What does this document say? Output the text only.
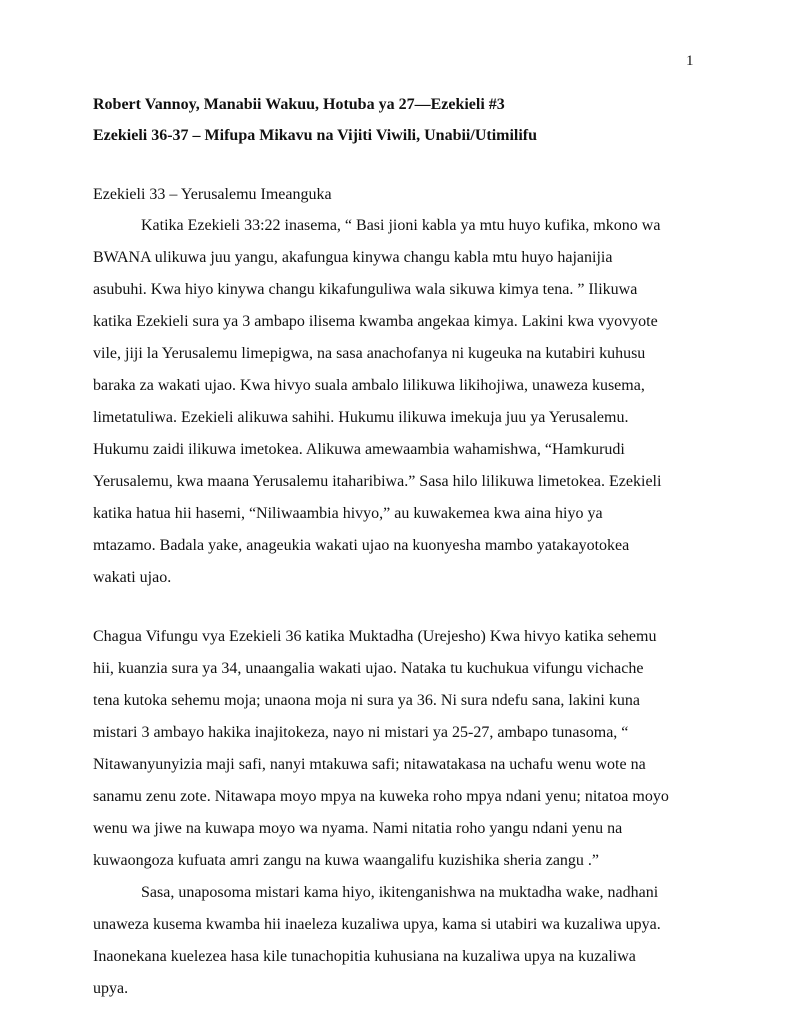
1
Robert Vannoy, Manabii Wakuu, Hotuba ya 27—Ezekieli #3
Ezekieli 36-37 – Mifupa Mikavu na Vijiti Viwili, Unabii/Utimilifu
Ezekieli 33 – Yerusalemu Imeanguka
Katika Ezekieli 33:22 inasema, “ Basi jioni kabla ya mtu huyo kufika, mkono wa
BWANA ulikuwa juu yangu, akafungua kinywa changu kabla mtu huyo hajanijia
asubuhi. Kwa hiyo kinywa changu kikafunguliwa wala sikuwa kimya tena. ” Ilikuwa
katika Ezekieli sura ya 3 ambapo ilisema kwamba angekaa kimya. Lakini kwa vyovyote
vile, jiji la Yerusalemu limepigwa, na sasa anachofanya ni kugeuka na kutabiri kuhusu
baraka za wakati ujao. Kwa hivyo suala ambalo lilikuwa likihojiwa, unaweza kusema,
limetatuliwa. Ezekieli alikuwa sahihi. Hukumu ilikuwa imekuja juu ya Yerusalemu.
Hukumu zaidi ilikuwa imetokea. Alikuwa amewaambia wahamishwa, “Hamkurudi
Yerusalemu, kwa maana Yerusalemu itaharibiwa.” Sasa hilo lilikuwa limetokea. Ezekieli
katika hatua hii hasemi, “Niliwaambia hivyo,” au kuwakemea kwa aina hiyo ya
mtazamo. Badala yake, anageukia wakati ujao na kuonyesha mambo yatakayotokea
wakati ujao.
Chagua Vifungu vya Ezekieli 36 katika Muktadha (Urejesho) Kwa hivyo katika sehemu
hii, kuanzia sura ya 34, unaangalia wakati ujao. Nataka tu kuchukua vifungu vichache
tena kutoka sehemu moja; unaona moja ni sura ya 36. Ni sura ndefu sana, lakini kuna
mistari 3 ambayo hakika inajitokeza, nayo ni mistari ya 25-27, ambapo tunasoma, “
Nitawanyunyizia maji safi, nanyi mtakuwa safi; nitawatakasa na uchafu wenu wote na
sanamu zenu zote. Nitawapa moyo mpya na kuweka roho mpya ndani yenu; nitatoa moyo
wenu wa jiwe na kuwapa moyo wa nyama. Nami nitatia roho yangu ndani yenu na
kuwaongoza kufuata amri zangu na kuwa waangalifu kuzishika sheria zangu .”
Sasa, unaposoma mistari kama hiyo, ikitenganishwa na muktadha wake, nadhani
unaweza kusema kwamba hii inaeleza kuzaliwa upya, kama si utabiri wa kuzaliwa upya.
Inaonekana kuelezea hasa kile tunachopitia kuhusiana na kuzaliwa upya na kuzaliwa
upya.
